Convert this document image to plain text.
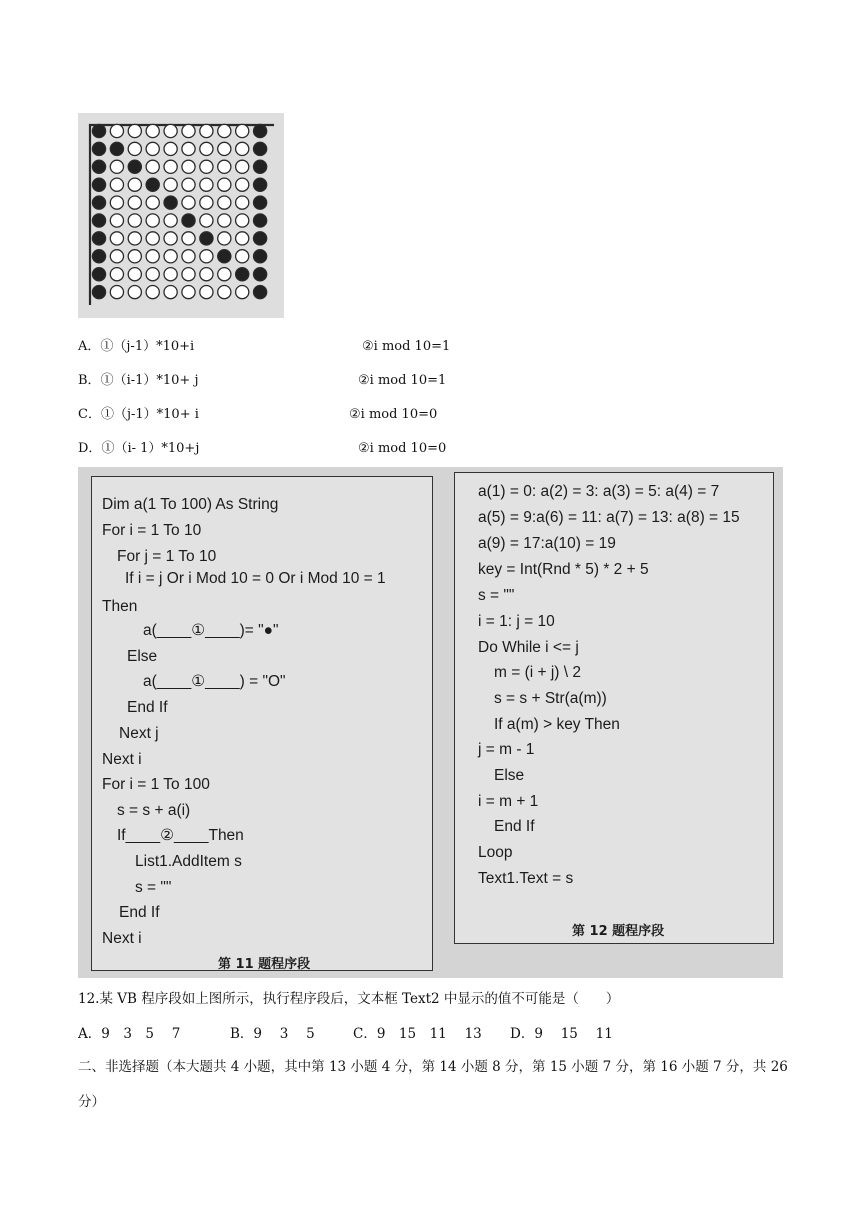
A．①（j-1）*10+i	②i mod 10=1
B．①（i-1）*10+ j	②i mod 10=1
C．①（j-1）*10+ i	②i mod 10=0
D．①（i- 1）*10+j	②i mod 10=0
Dim a(1 To 100) As String
For i = 1 To 10
For j = 1 To 10
If i = j Or i Mod 10 = 0 Or i Mod 10 = 1
Then
a(____①____)= "●"
Else
a(____①____) = "O"
End If
Next j
Next i
For i = 1 To 100
s = s + a(i)
If____②____Then
List1.AddItem s
s = ""
End If
Next i
第 11 题程序段
a(1) = 0: a(2) = 3: a(3) = 5: a(4) = 7
a(5) = 9:a(6) = 11: a(7) = 13: a(8) = 15
a(9) = 17:a(10) = 19
key = Int(Rnd * 5) * 2 + 5
s = ""
i = 1: j = 10
Do While i <= j
m = (i + j) \ 2
s = s + Str(a(m))
If a(m) > key Then
j = m - 1
Else
i = m + 1
End If
Loop
Text1.Text = s
第 12 题程序段
12.某 VB 程序段如上图所示，执行程序段后，文本框 Text2 中显示的值不可能是（　　）
A．9　3　5　 7	B．9　 3　 5	C．9　15　11　 13 D．9　 15　 11
二、非选择题（本大题共 4 小题，其中第 13 小题 4 分，第 14 小题 8 分，第 15 小题 7 分，第 16 小题 7 分，共 26 分）
